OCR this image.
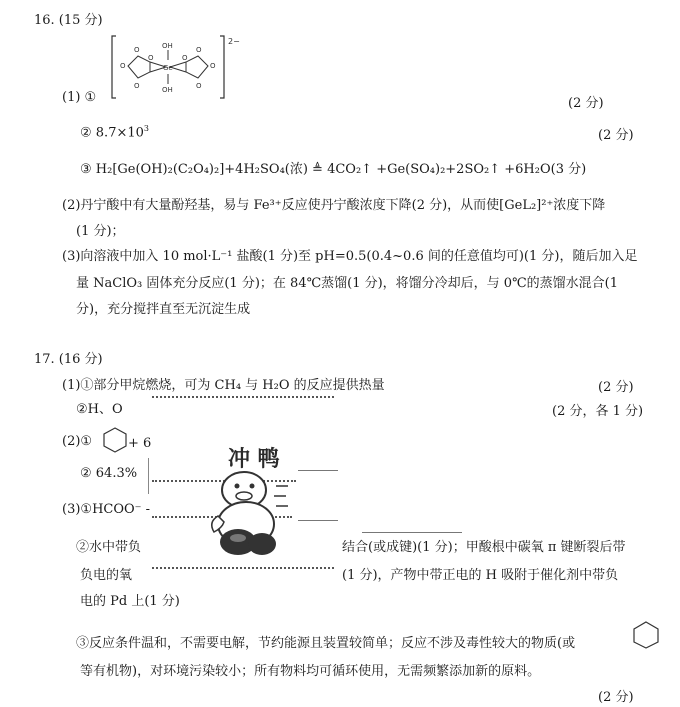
16. (15 分)
OH
Ge
OH
O
O
O
O
O
O
O
O
2−
(1) ①	(2 分)
② $8.7\times 10^3$	(2 分)
③ H₂[Ge(OH)₂(C₂O₄)₂]+4H₂SO₄(浓) ≜ 4CO₂↑ +Ge(SO₄)₂+2SO₂↑ +6H₂O(3 分)
(2)丹宁酸中有大量酚羟基，易与 Fe³⁺反应使丹宁酸浓度下降(2 分)，从而使[GeL₂]²⁺浓度下降
(1 分)；
(3)向溶液中加入 10 mol·L⁻¹ 盐酸(1 分)至 pH=0.5(0.4~0.6 间的任意值均可)(1 分)，随后加入足
量 NaClO₃ 固体充分反应(1 分)；在 84℃蒸馏(1 分)，将馏分冷却后，与 0℃的蒸馏水混合(1
分)，充分搅拌直至无沉淀生成
17. (16 分)
(1)①部分甲烷燃烧，可为 CH₄ 与 H₂O 的反应提供热量	(2 分)
②H、O	(2 分，各 1 分)
(2)①	+ 6
② 64.3%
(3)①HCOO⁻ -
②水中带负	结合(或成键)(1 分)；甲酸根中碳氧 π 键断裂后带
负电的氧	(1 分)，产物中带正电的 H 吸附于催化剂中带负
电的 Pd 上(1 分)
③反应条件温和，不需要电解，节约能源且装置较简单；反应不涉及毒性较大的物质(或
等有机物)，对环境污染较小；所有物料均可循环使用，无需频繁添加新的原料。
(2 分)
冲 鸭
